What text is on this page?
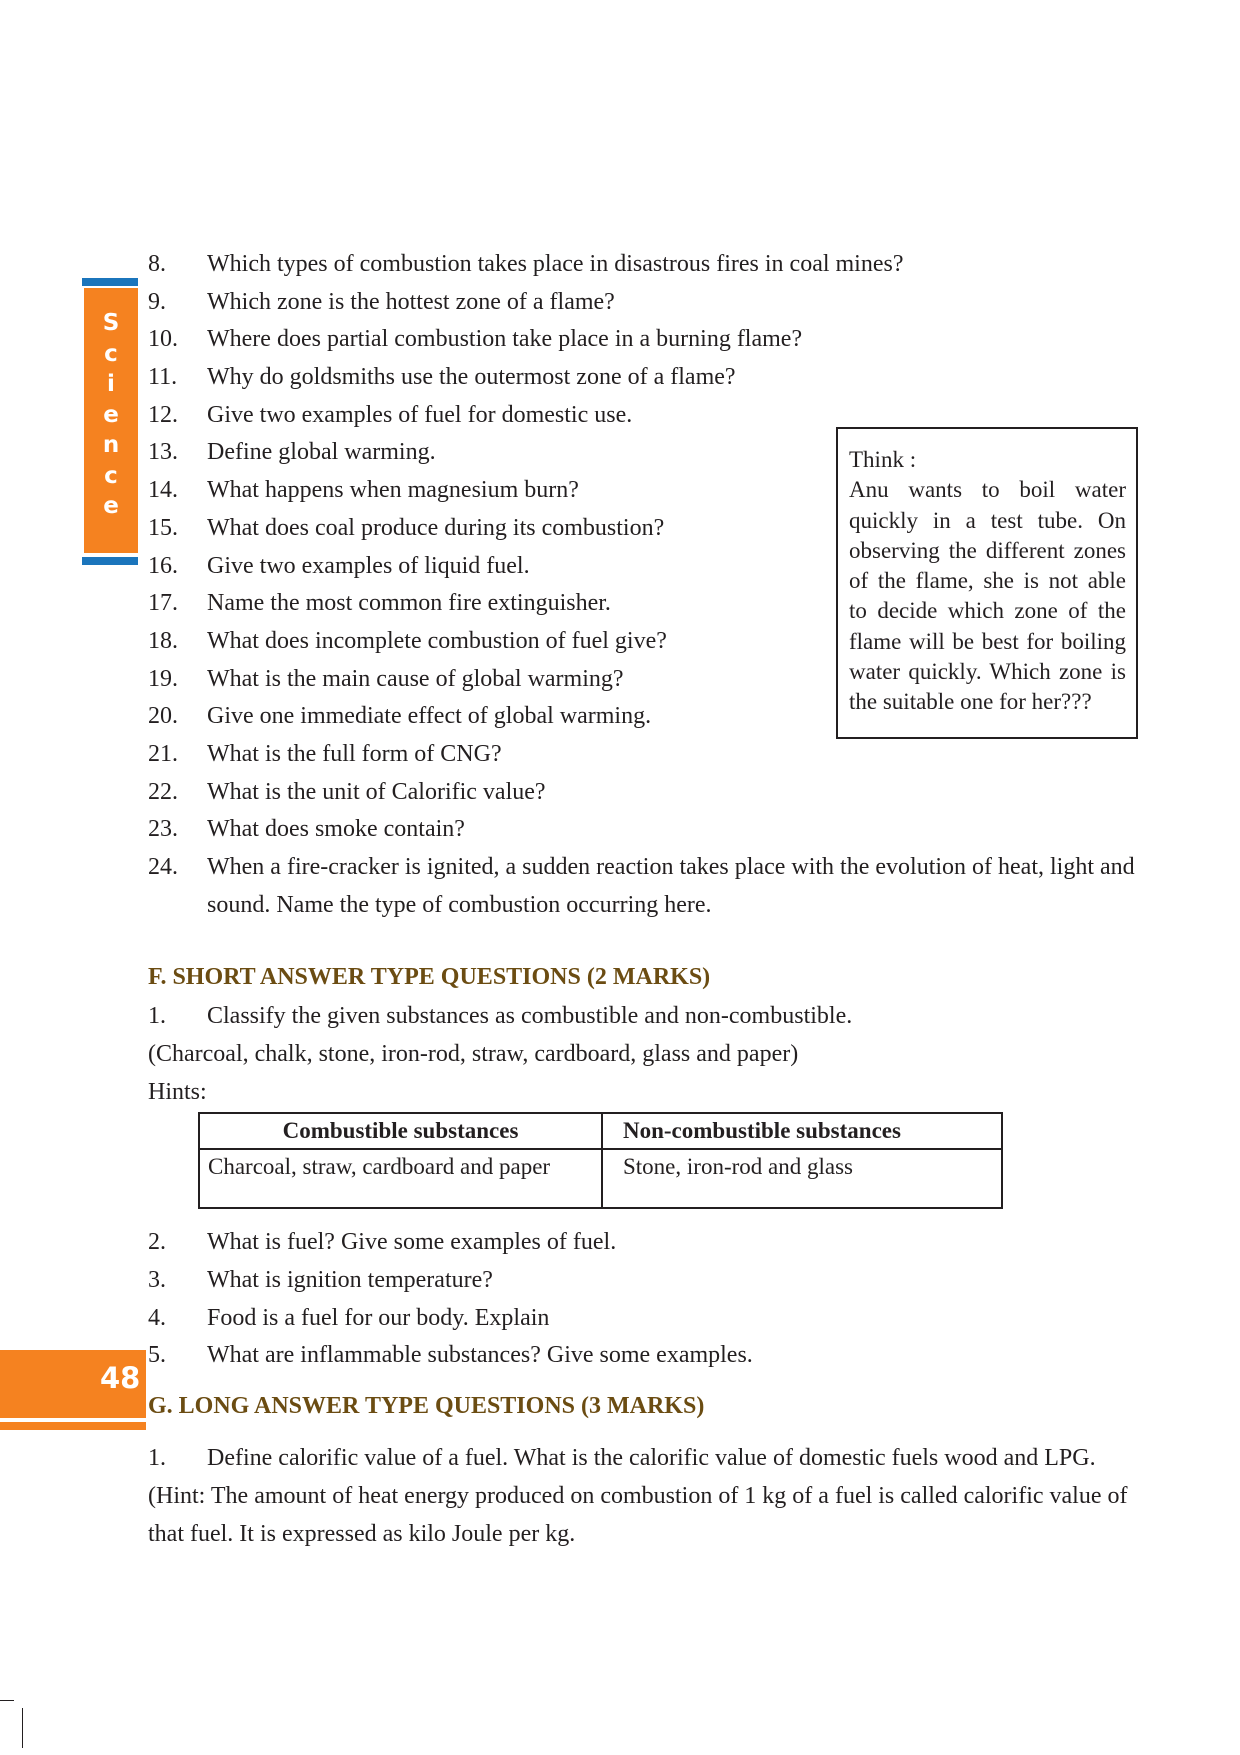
S
c
i
e
n
c
e
48
8.	Which types of combustion takes place in disastrous fires in coal mines?
9.	Which zone is the hottest zone of a flame?
10.	Where does partial combustion take place in a burning flame?
11.	Why do goldsmiths use the outermost zone of a flame?
12.	Give two examples of fuel for domestic use.
13.	Define global warming.
14.	What happens when magnesium burn?
15.	What does coal produce during its combustion?
16.	Give two examples of liquid fuel.
17.	Name the most common fire extinguisher.
18.	What does incomplete combustion of fuel give?
19.	What is the main cause of global warming?
20.	Give one immediate effect of global warming.
21.	What is the full form of CNG?
22.	What is the unit of Calorific value?
23.	What does smoke contain?
24.	When a fire-cracker is ignited, a sudden reaction takes place with the evolution of heat, light and sound. Name the type of combustion occurring here.
Think :
Anu wants to boil water quickly in a test tube. On observing the different zones of the flame, she is not able to decide which zone of the flame will be best for boiling water quickly. Which zone is the suitable one for her???
F. SHORT ANSWER TYPE QUESTIONS (2 MARKS)
1.	Classify the given substances as combustible and non-combustible.
(Charcoal, chalk, stone, iron-rod, straw, cardboard, glass and paper)
Hints:
Combustible substances	Non-combustible substances
Charcoal, straw, cardboard and paper	Stone, iron-rod and glass
2.	What is fuel? Give some examples of fuel.
3.	What is ignition temperature?
4.	Food is a fuel for our body. Explain
5.	What are inflammable substances? Give some examples.
G. LONG ANSWER TYPE QUESTIONS (3 MARKS)
1.	Define calorific value of a fuel. What is the calorific value of domestic fuels wood and LPG.
(Hint: The amount of heat energy produced on combustion of 1 kg of a fuel is called calorific value of
that fuel. It is expressed as kilo Joule per kg.
